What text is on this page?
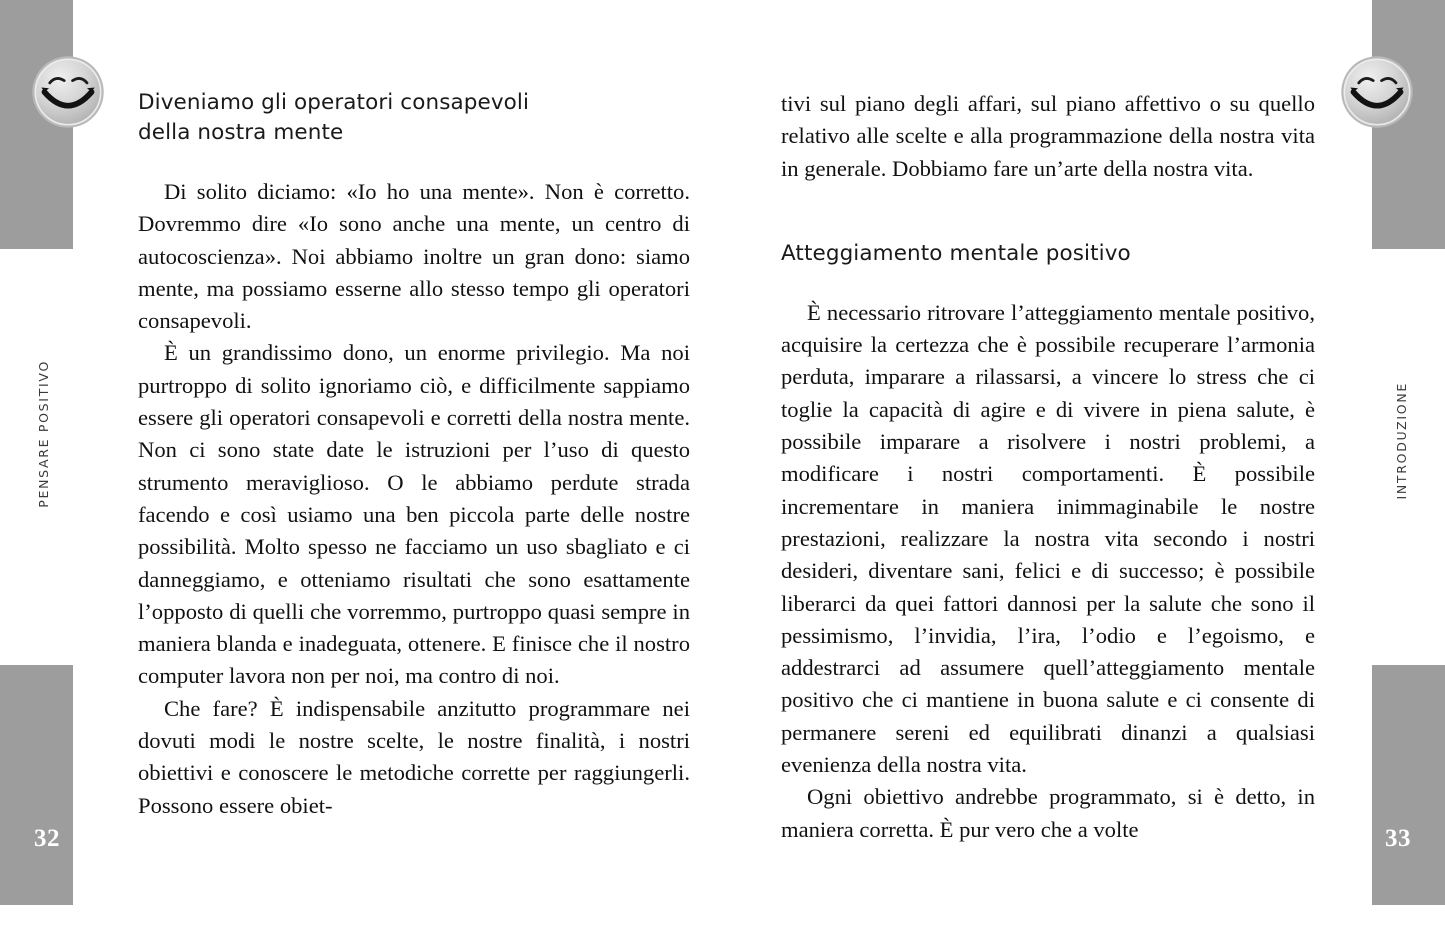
PENSARE POSITIVO
32
Diveniamo gli operatori consapevoli
della nostra mente

Di solito diciamo: «Io ho una mente». Non è corretto. Dovremmo dire «Io sono anche una mente, un centro di autocoscienza». Noi abbiamo inoltre un gran dono: siamo mente, ma possiamo esserne allo stesso tempo gli operatori consapevoli.

È un grandissimo dono, un enorme privilegio. Ma noi purtroppo di solito ignoriamo ciò, e difficilmente sappiamo essere gli operatori consapevoli e corretti della nostra mente. Non ci sono state date le istruzioni per l’uso di questo strumento meraviglioso. O le abbiamo perdute strada facendo e così usiamo una ben piccola parte delle nostre possibilità. Molto spesso ne facciamo un uso sbagliato e ci danneggiamo, e otteniamo risultati che sono esattamente l’opposto di quelli che vorremmo, purtroppo quasi sempre in maniera blanda e inadeguata, ottenere. E finisce che il nostro computer lavora non per noi, ma contro di noi.

Che fare? È indispensabile anzitutto programmare nei dovuti modi le nostre scelte, le nostre finalità, i nostri obiettivi e conoscere le metodiche corrette per raggiungerli. Possono essere obiet-

INTRODUZIONE
33

tivi sul piano degli affari, sul piano affettivo o su quello relativo alle scelte e alla programmazione della nostra vita in generale. Dobbiamo fare un’arte della nostra vita.

Atteggiamento mentale positivo

È necessario ritrovare l’atteggiamento mentale positivo, acquisire la certezza che è possibile recuperare l’armonia perduta, imparare a rilassarsi, a vincere lo stress che ci toglie la capacità di agire e di vivere in piena salute, è possibile imparare a risolvere i nostri problemi, a modificare i nostri comportamenti. È possibile incrementare in maniera inimmaginabile le nostre prestazioni, realizzare la nostra vita secondo i nostri desideri, diventare sani, felici e di successo; è possibile liberarci da quei fattori dannosi per la salute che sono il pessimismo, l’invidia, l’ira, l’odio e l’egoismo, e addestrarci ad assumere quell’atteggiamento mentale positivo che ci mantiene in buona salute e ci consente di permanere sereni ed equilibrati dinanzi a qualsiasi evenienza della nostra vita.

Ogni obiettivo andrebbe programmato, si è detto, in maniera corretta. È pur vero che a volte
